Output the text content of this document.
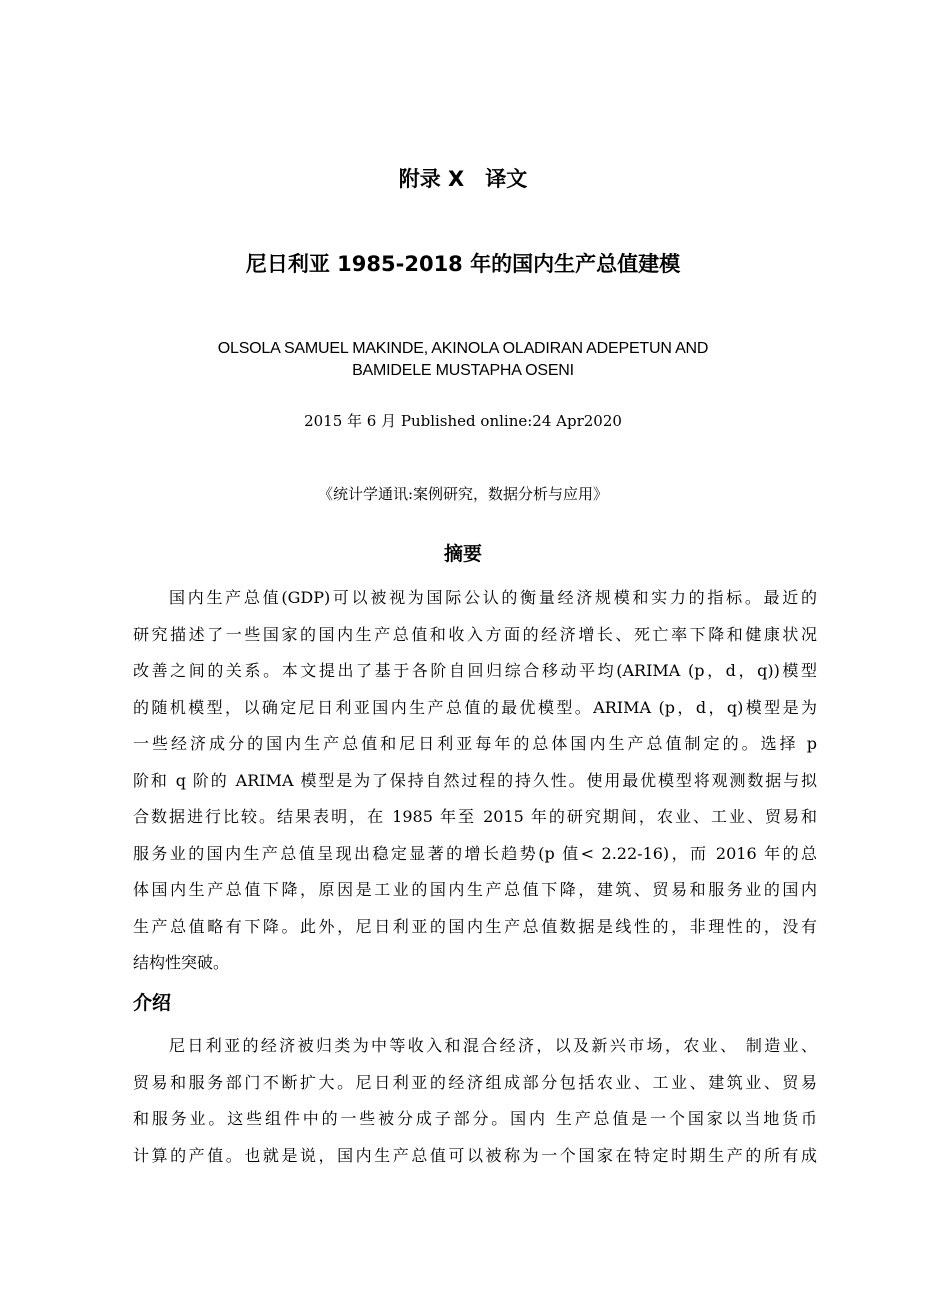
附录 X　译文
尼日利亚 1985-2018 年的国内生产总值建模
OLSOLA SAMUEL MAKINDE, AKINOLA OLADIRAN ADEPETUN AND
BAMIDELE MUSTAPHA OSENI
2015 年 6 月 Published online:24 Apr2020
《统计学通讯:案例研究，数据分析与应用》
摘要
国内生产总值(GDP)可以被视为国际公认的衡量经济规模和实力的指标。最近的
研究描述了一些国家的国内生产总值和收入方面的经济增长、死亡率下降和健康状况
改善之间的关系。本文提出了基于各阶自回归综合移动平均(ARIMA (p，d，q))模型
的随机模型，以确定尼日利亚国内生产总值的最优模型。ARIMA (p，d，q)模型是为
一些经济成分的国内生产总值和尼日利亚每年的总体国内生产总值制定的。选择 p
阶和 q 阶的 ARIMA 模型是为了保持自然过程的持久性。使用最优模型将观测数据与拟
合数据进行比较。结果表明，在 1985 年至 2015 年的研究期间，农业、工业、贸易和
服务业的国内生产总值呈现出稳定显著的增长趋势(p 值< 2.22-16)，而 2016 年的总
体国内生产总值下降，原因是工业的国内生产总值下降，建筑、贸易和服务业的国内
生产总值略有下降。此外，尼日利亚的国内生产总值数据是线性的，非理性的，没有
结构性突破。
介绍
尼日利亚的经济被归类为中等收入和混合经济，以及新兴市场，农业、 制造业、
贸易和服务部门不断扩大。尼日利亚的经济组成部分包括农业、工业、建筑业、贸易
和服务业。这些组件中的一些被分成子部分。国内 生产总值是一个国家以当地货币
计算的产值。也就是说，国内生产总值可以被称为一个国家在特定时期生产的所有成
